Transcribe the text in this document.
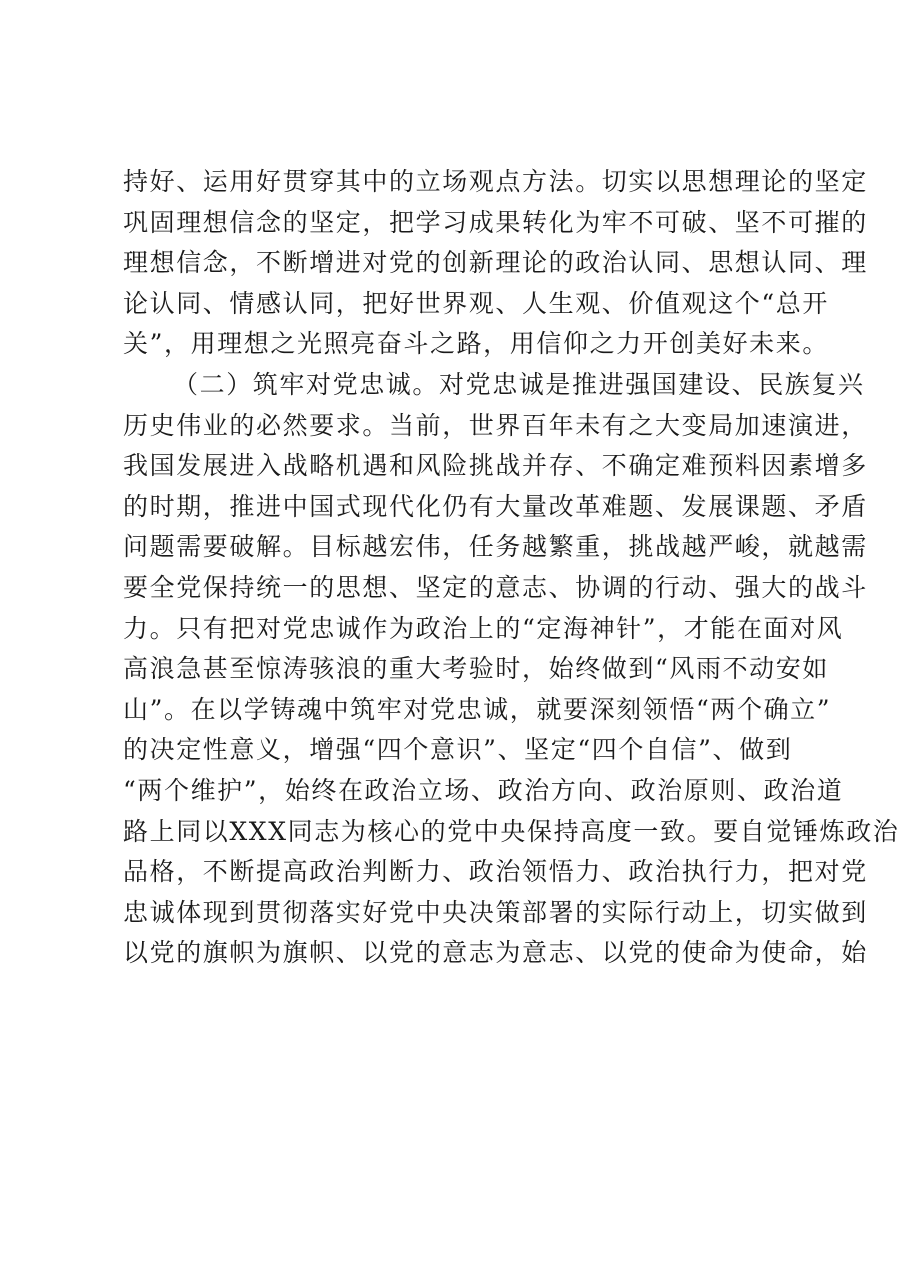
持好、运用好贯穿其中的立场观点方法。切实以思想理论的坚定
巩固理想信念的坚定，把学习成果转化为牢不可破、坚不可摧的
理想信念，不断增进对党的创新理论的政治认同、思想认同、理
论认同、情感认同，把好世界观、人生观、价值观这个“总开
关”，用理想之光照亮奋斗之路，用信仰之力开创美好未来。
（二）筑牢对党忠诚。对党忠诚是推进强国建设、民族复兴
历史伟业的必然要求。当前，世界百年未有之大变局加速演进，
我国发展进入战略机遇和风险挑战并存、不确定难预料因素增多
的时期，推进中国式现代化仍有大量改革难题、发展课题、矛盾
问题需要破解。目标越宏伟，任务越繁重，挑战越严峻，就越需
要全党保持统一的思想、坚定的意志、协调的行动、强大的战斗
力。只有把对党忠诚作为政治上的“定海神针”，才能在面对风
高浪急甚至惊涛骇浪的重大考验时，始终做到“风雨不动安如
山”。在以学铸魂中筑牢对党忠诚，就要深刻领悟“两个确立”
的决定性意义，增强“四个意识”、坚定“四个自信”、做到
“两个维护”，始终在政治立场、政治方向、政治原则、政治道
路上同以XXX同志为核心的党中央保持高度一致。要自觉锤炼政治
品格，不断提高政治判断力、政治领悟力、政治执行力，把对党
忠诚体现到贯彻落实好党中央决策部署的实际行动上，切实做到
以党的旗帜为旗帜、以党的意志为意志、以党的使命为使命，始
